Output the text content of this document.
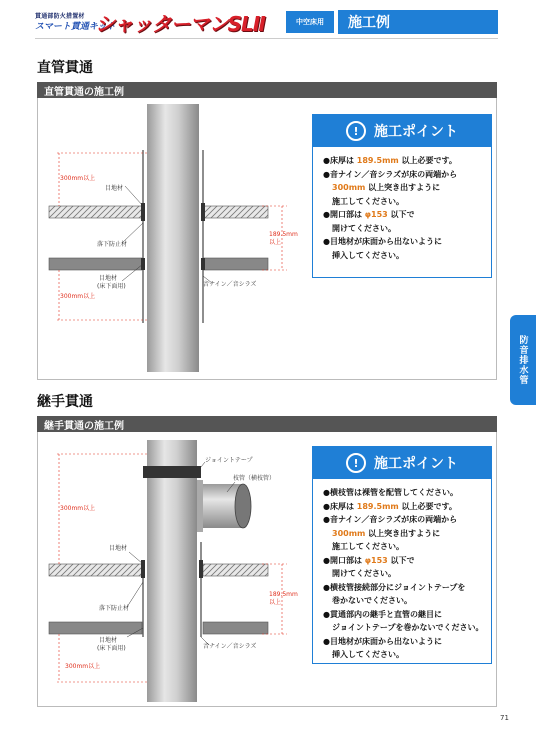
貫通部防火措置材
スマート貫通キット
シャッターマンSLⅡ	中空床用	施工例
直管貫通
直管貫通の施工例
300mm以上
目地材
落下防止材
目地材
(床下面用)
300mm以上
189.5mm
以上
音ナイン／音シラズ
!	施工ポイント
●床厚は 189.5mm 以上必要です。
●音ナイン／音シラズが床の両端から
300mm 以上突き出すように
施工してください。
●開口部は φ153 以下で
開けてください。
●目地材が床面から出ないように
挿入してください。
継手貫通
継手貫通の施工例
ジョイントテープ
枝管（横枝管）
300mm以上
目地材
落下防止材
目地材
(床下面用)
300mm以上
189.5mm
以上
音ナイン／音シラズ
!	施工ポイント
●横枝管は裸管を配管してください。
●床厚は 189.5mm 以上必要です。
●音ナイン／音シラズが床の両端から
300mm 以上突き出すように
施工してください。
●開口部は φ153 以下で
開けてください。
●横枝管接続部分にジョイントテープを
巻かないでください。
●貫通部内の継手と直管の継目に
ジョイントテープを巻かないでください。
●目地材が床面から出ないように
挿入してください。
防音排水管
71
